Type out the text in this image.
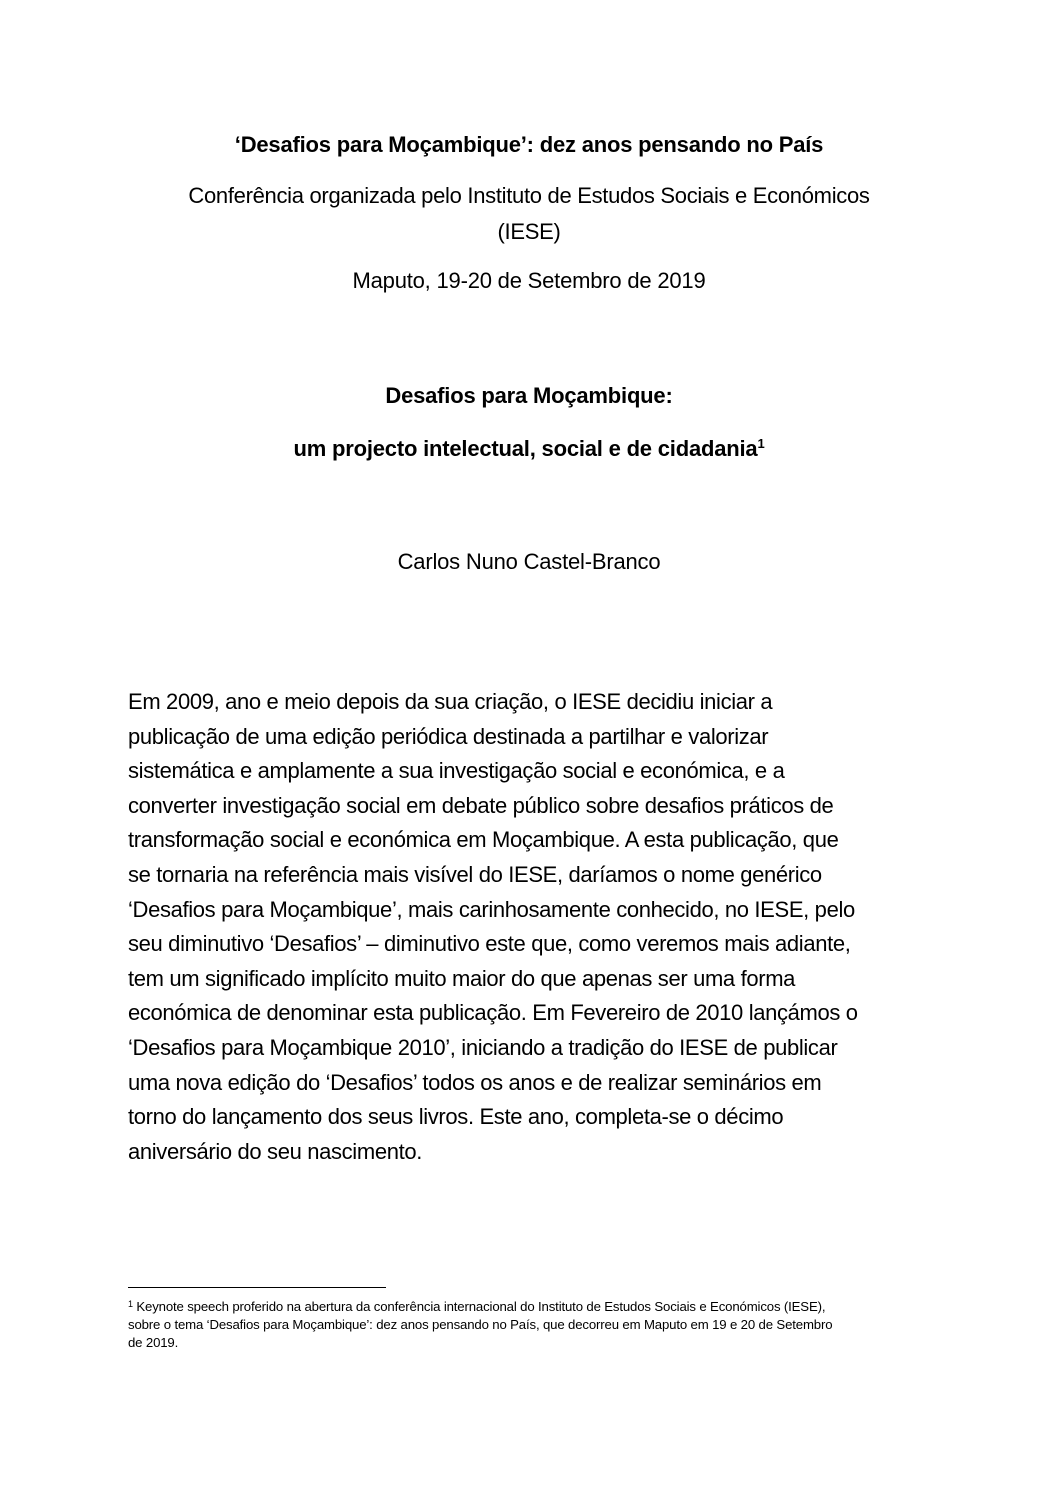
‘Desafios para Moçambique’: dez anos pensando no País
Conferência organizada pelo Instituto de Estudos Sociais e Económicos
(IESE)
Maputo, 19-20 de Setembro de 2019
Desafios para Moçambique:
um projecto intelectual, social e de cidadania$^1$
Carlos Nuno Castel-Branco
Em 2009, ano e meio depois da sua criação, o IESE decidiu iniciar a
publicação de uma edição periódica destinada a partilhar e valorizar
sistemática e amplamente a sua investigação social e económica, e a
converter investigação social em debate público sobre desafios práticos de
transformação social e económica em Moçambique. A esta publicação, que
se tornaria na referência mais visível do IESE, daríamos o nome genérico
‘Desafios para Moçambique’, mais carinhosamente conhecido, no IESE, pelo
seu diminutivo ‘Desafios’ – diminutivo este que, como veremos mais adiante,
tem um significado implícito muito maior do que apenas ser uma forma
económica de denominar esta publicação. Em Fevereiro de 2010 lançámos o
‘Desafios para Moçambique 2010’, iniciando a tradição do IESE de publicar
uma nova edição do ‘Desafios’ todos os anos e de realizar seminários em
torno do lançamento dos seus livros. Este ano, completa-se o décimo
aniversário do seu nascimento.
$^1$ Keynote speech proferido na abertura da conferência internacional do Instituto de Estudos Sociais e Económicos (IESE),
sobre o tema ‘Desafios para Moçambique’: dez anos pensando no País, que decorreu em Maputo em 19 e 20 de Setembro
de 2019.
